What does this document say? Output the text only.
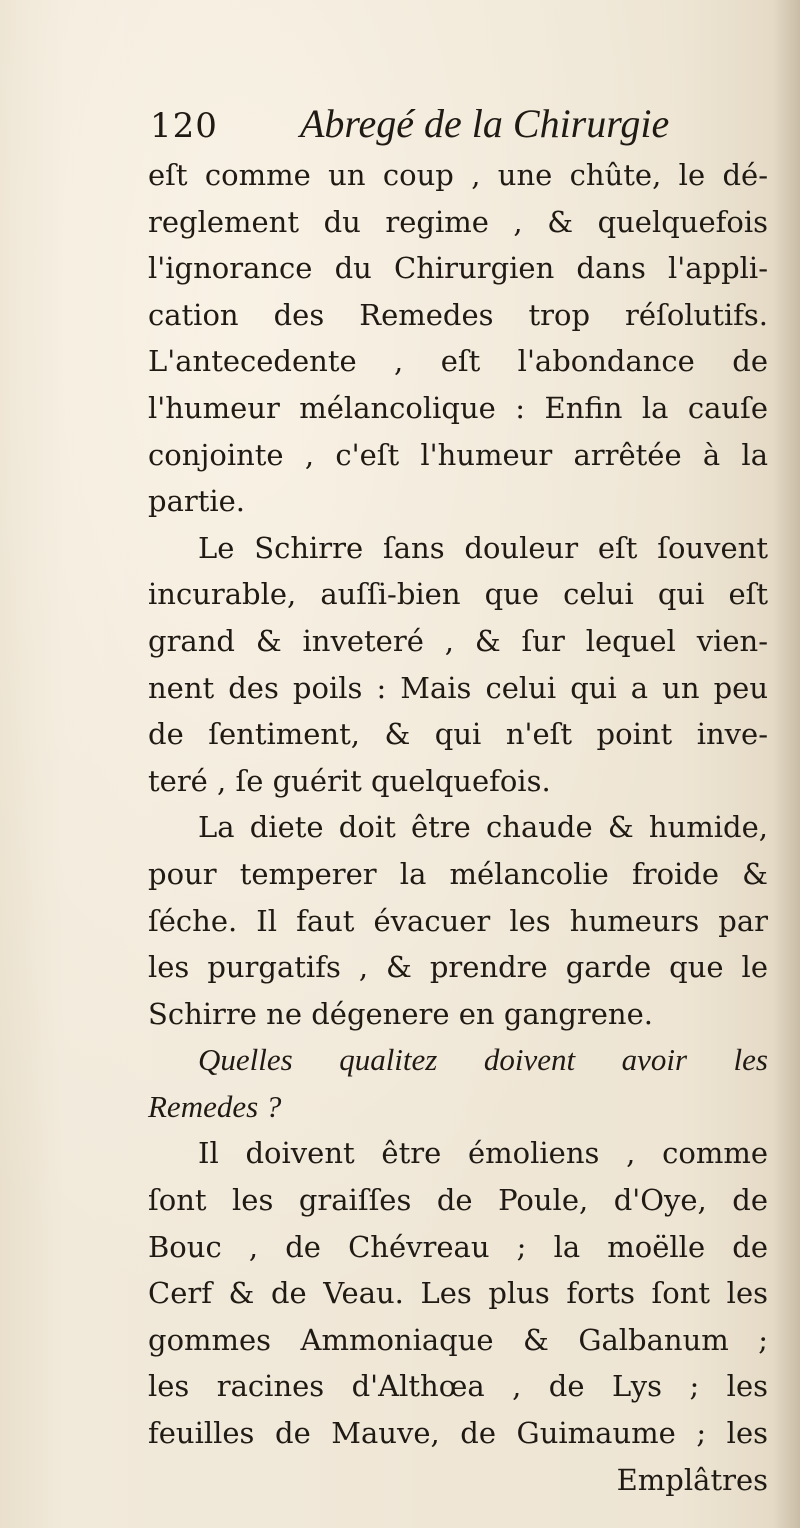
120 Abregé de la Chirurgie
eſt comme un coup , une chûte, le dé-
reglement du regime , & quelquefois
l'ignorance du Chirurgien dans l'appli-
cation des Remedes trop réſolutifs.
L'antecedente , eſt l'abondance de
l'humeur mélancolique : Enfin la cauſe
conjointe , c'eſt l'humeur arrêtée à la
partie.
Le Schirre ſans douleur eſt ſouvent
incurable, auſſi-bien que celui qui eſt
grand & inveteré , & ſur lequel vien-
nent des poils : Mais celui qui a un peu
de ſentiment, & qui n'eſt point inve-
teré , ſe guérit quelquefois.
La diete doit être chaude & humide,
pour temperer la mélancolie froide &
ſéche. Il faut évacuer les humeurs par
les purgatifs , & prendre garde que le
Schirre ne dégenere en gangrene.
Quelles qualitez doivent avoir les
Remedes ?
Il doivent être émoliens , comme
ſont les graiſſes de Poule, d'Oye, de
Bouc , de Chévreau ; la moëlle de
Cerf & de Veau. Les plus forts ſont les
gommes Ammoniaque & Galbanum ;
les racines d'Althœa , de Lys ; les
feuilles de Mauve, de Guimaume ; les
Emplâtres
